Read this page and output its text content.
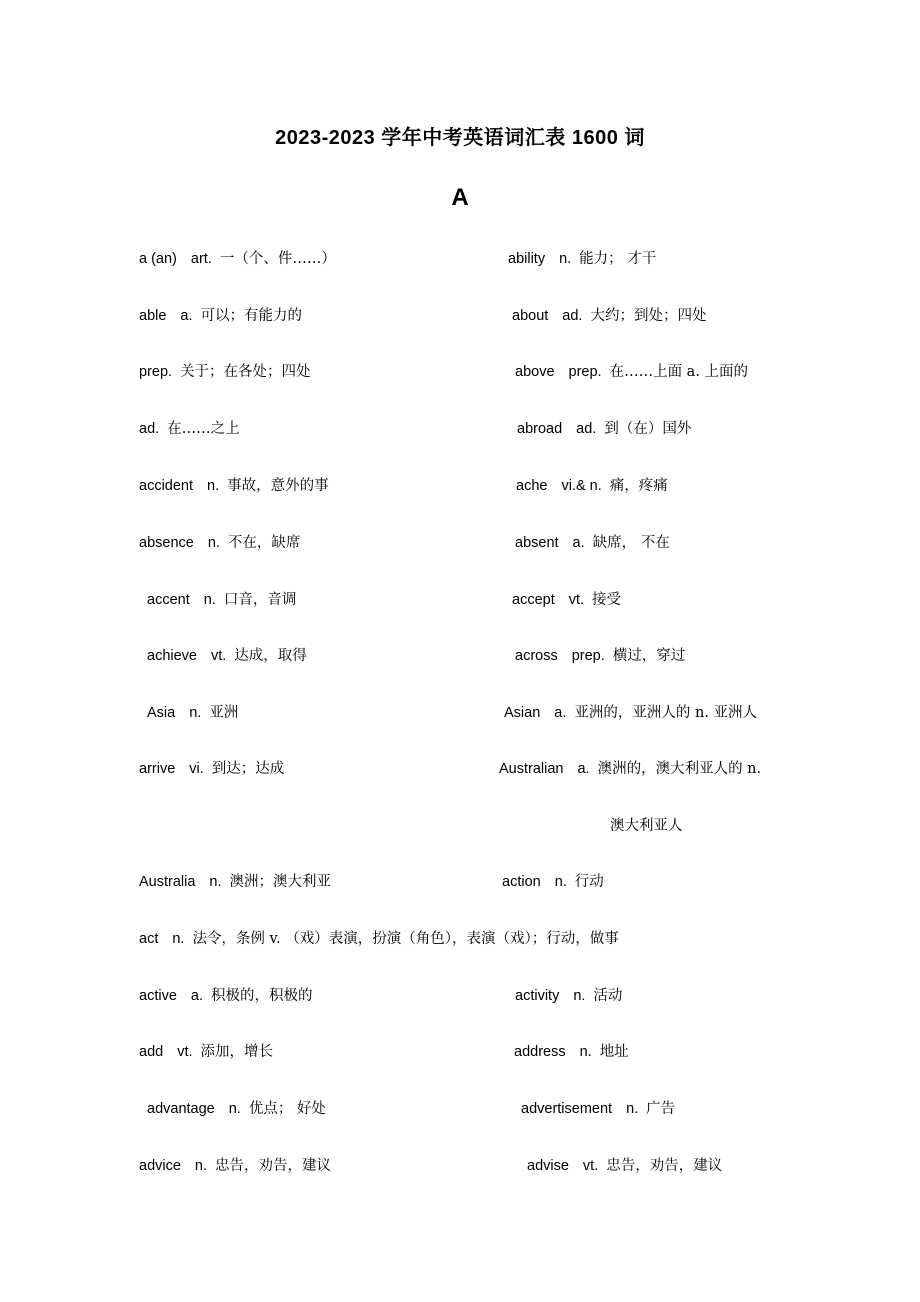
2023-2023 学年中考英语词汇表 1600 词
A
a (an) art. 一（个、件……）	ability n. 能力； 才干
able a. 可以；有能力的	about ad. 大约；到处；四处
prep. 关于；在各处；四处	above prep. 在……上面 a. 上面的
ad. 在……之上	abroad ad. 到（在）国外
accident n. 事故，意外的事	ache vi.& n. 痛，疼痛
absence n. 不在，缺席	absent a. 缺席， 不在
accent n. 口音，音调	accept vt. 接受
achieve vt. 达成，取得	across prep. 横过，穿过
Asia n. 亚洲	Asian a. 亚洲的，亚洲人的 n. 亚洲人
arrive vi. 到达；达成	Australian a. 澳洲的，澳大利亚人的 n.
澳大利亚人
Australia n. 澳洲；澳大利亚	action n. 行动
act n. 法令，条例 v. （戏）表演，扮演（角色），表演（戏）；行动，做事
active a. 积极的，积极的	activity n. 活动
add vt. 添加，增长	address n. 地址
advantage n. 优点； 好处	advertisement n. 广告
advice n. 忠告，劝告，建议	advise vt. 忠告，劝告，建议
